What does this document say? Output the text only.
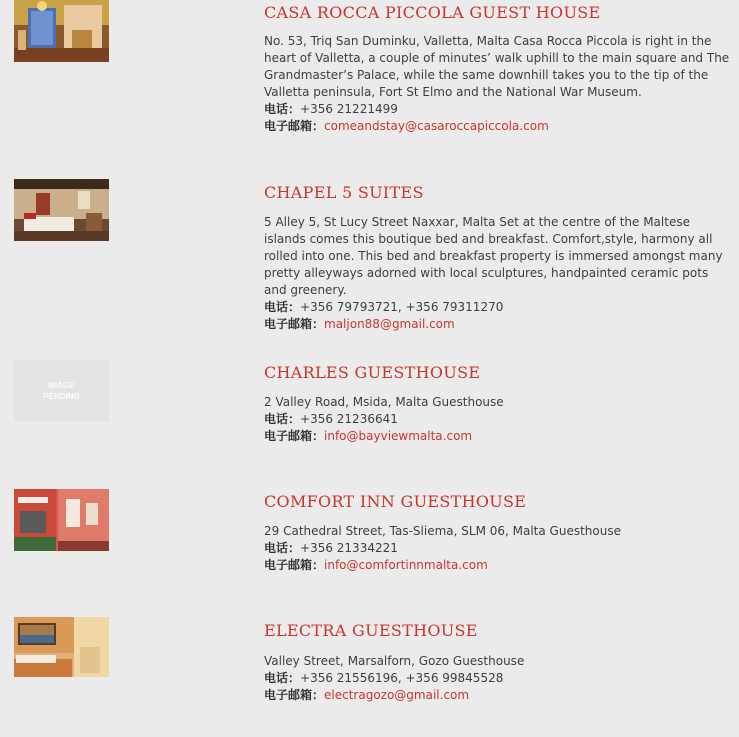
CASA ROCCA PICCOLA GUEST HOUSE

No. 53, Triq San Duminku, Valletta, Malta Casa Rocca Piccola is right in the heart of Valletta, a couple of minutes’ walk uphill to the main square and The Grandmaster’s Palace, while the same downhill takes you to the tip of the Valletta peninsula, Fort St Elmo and the National War Museum.

电话：+356 21221499
电子邮箱：comeandstay@casaroccapiccola.com
CHAPEL 5 SUITES

5 Alley 5, St Lucy Street Naxxar, Malta Set at the centre of the Maltese islands comes this boutique bed and breakfast. Comfort,style, harmony all rolled into one. This bed and breakfast property is immersed amongst many pretty alleyways adorned with local sculptures, handpainted ceramic pots and greenery.

电话：+356 79793721, +356 79311270
电子邮箱：maljon88@gmail.com
IMAGE
PENDING
CHARLES GUESTHOUSE

2 Valley Road, Msida, Malta Guesthouse

电话：+356 21236641
电子邮箱：info@bayviewmalta.com
COMFORT INN GUESTHOUSE

29 Cathedral Street, Tas-Sliema, SLM 06, Malta Guesthouse

电话：+356 21334221
电子邮箱：info@comfortinnmalta.com
ELECTRA GUESTHOUSE

Valley Street, Marsalforn, Gozo Guesthouse

电话：+356 21556196, +356 99845528
电子邮箱：electragozo@gmail.com
